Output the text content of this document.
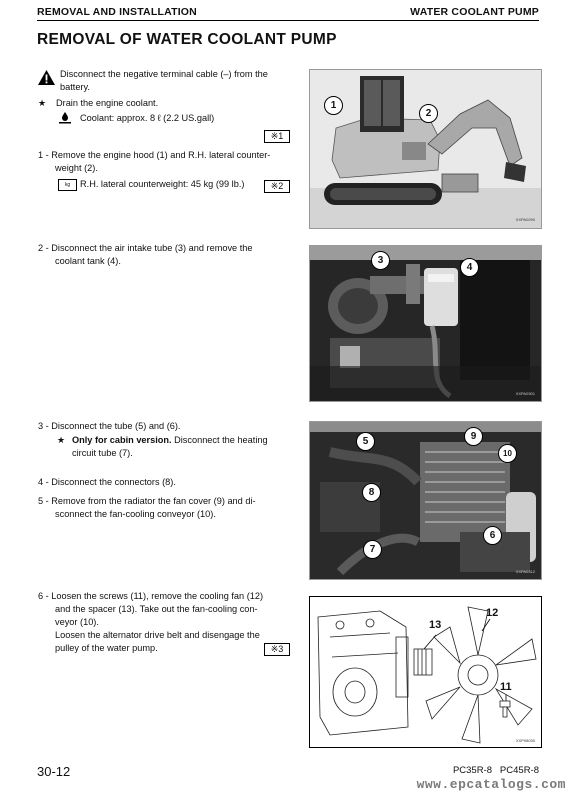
REMOVAL AND INSTALLATION	WATER COOLANT PUMP
REMOVAL OF WATER COOLANT PUMP
Disconnect the negative terminal cable (–) from the
battery.
★ Drain the engine coolant.
Coolant: approx. 8 ℓ (2.2 US.gall)
※1
1 - Remove the engine hood (1) and R.H. lateral counter-
weight (2).
kg	R.H. lateral counterweight: 45 kg (99 lb.)	※2
1
2
XXPA0290
2 - Disconnect the air intake tube (3) and remove the
coolant tank (4).	3
4
XXPA0301
3 - Disconnect the tube (5) and (6).
★ Only for cabin version. Disconnect the heating
circuit tube (7).
4 - Disconnect the connectors (8).
5 - Remove from the radiator the fan cover (9) and di-
sconnect the fan-cooling conveyor (10).
5	9
10
8
6
7
XXPA0312
6 - Loosen the screws (11), remove the cooling fan (12)
and the spacer (13). Take out the fan-cooling con-
veyor (10).
Loosen the alternator drive belt and disengage the
pulley of the water pump.	※3
13
12
11
XXP08030
30-12	PC35R-8   PC45R-8
www.epcatalogs.com
